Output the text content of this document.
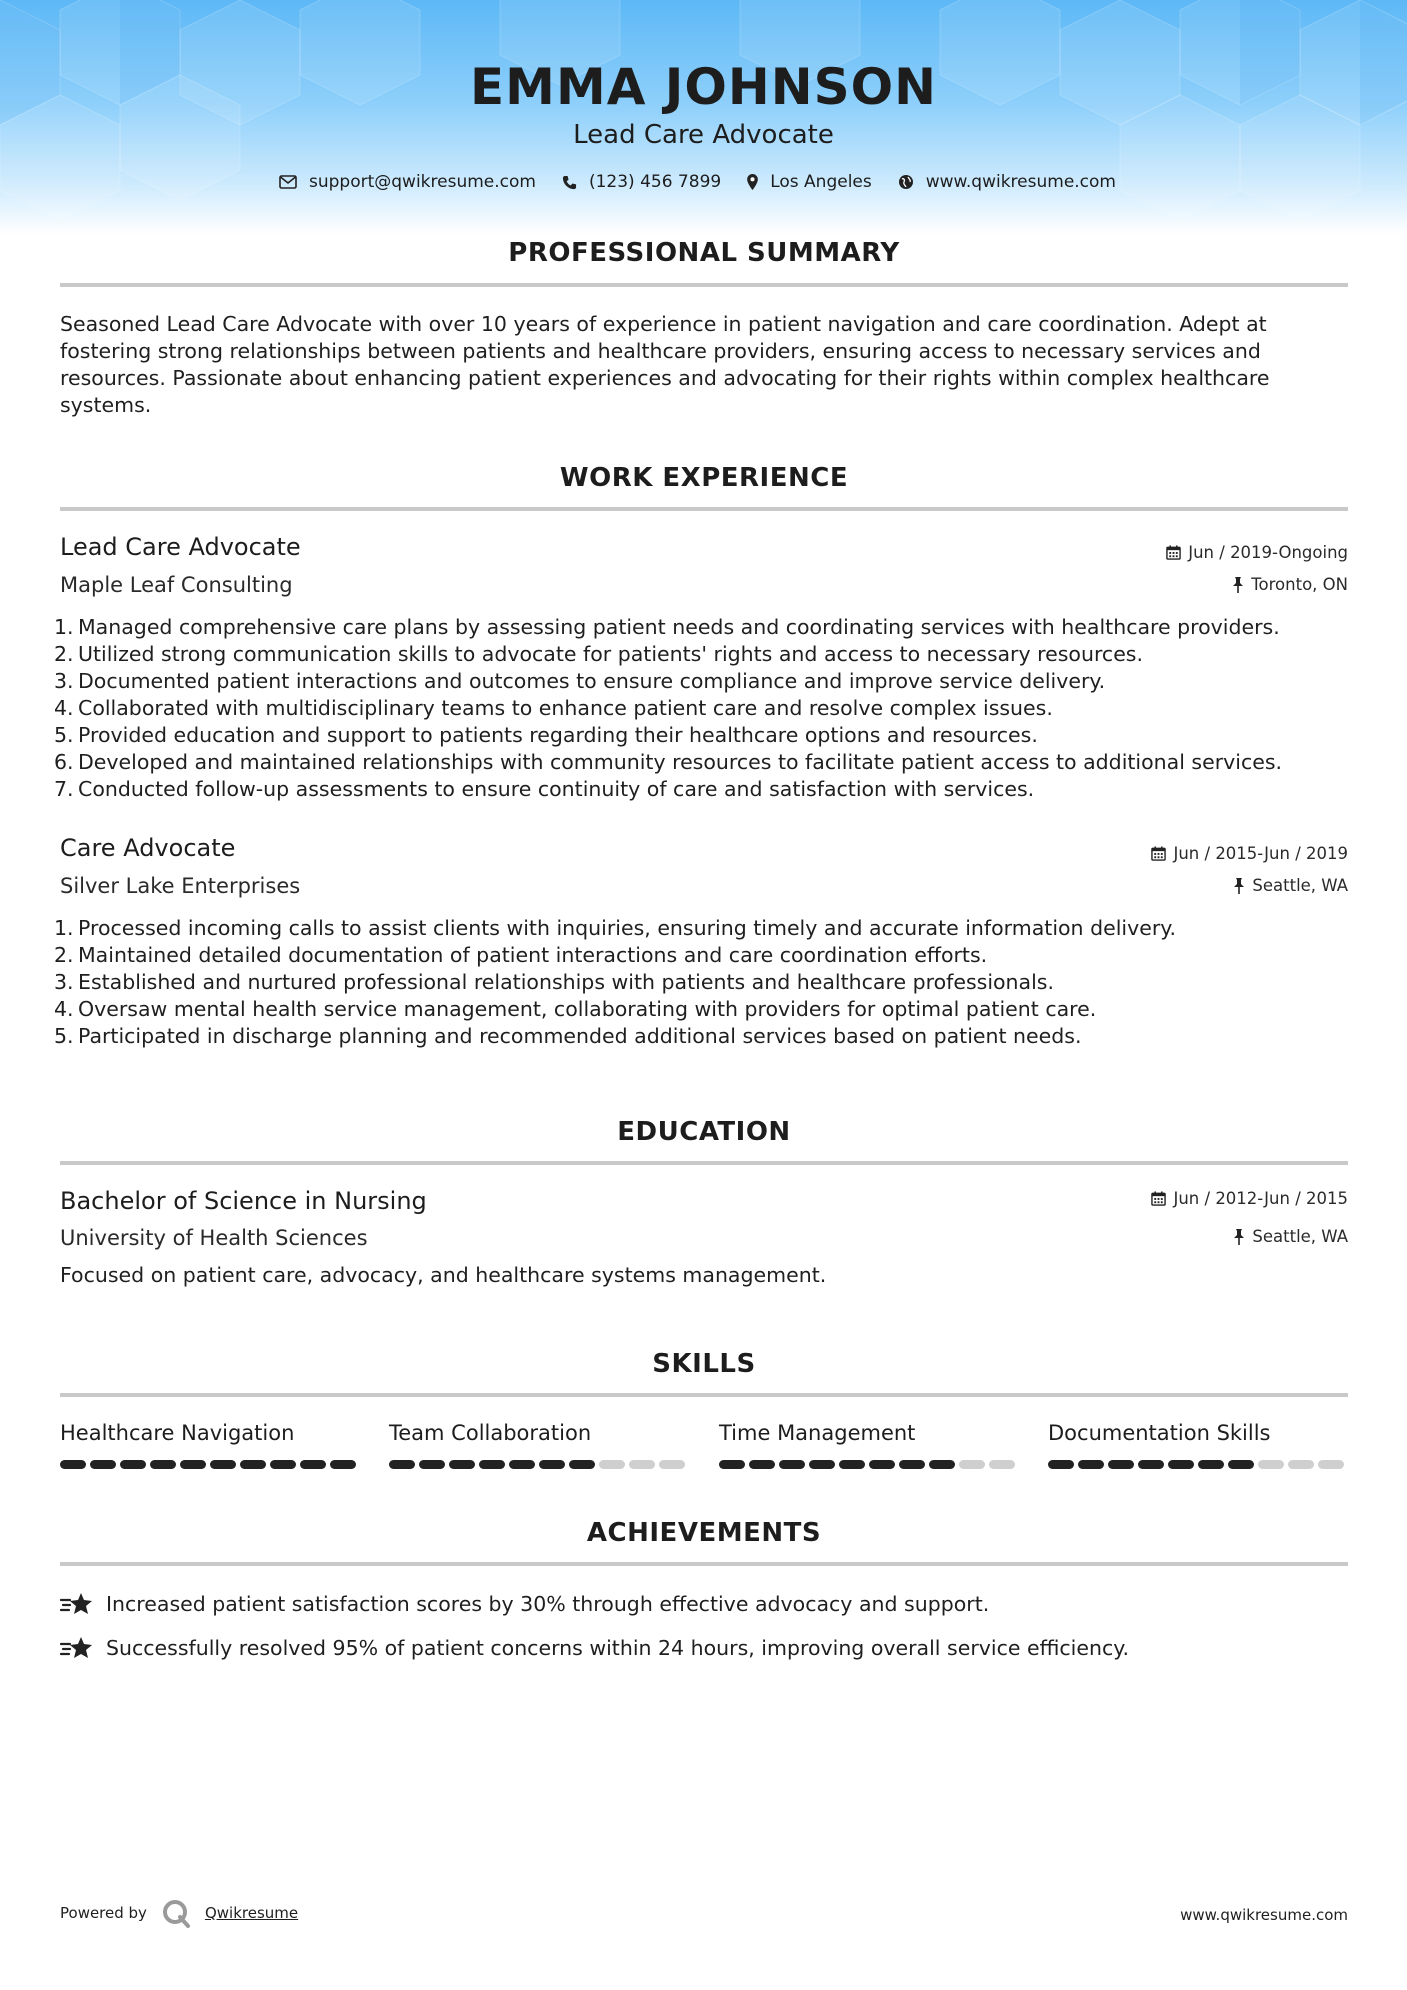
EMMA JOHNSON
Lead Care Advocate
support@qwikresume.com	(123) 456 7899	Los Angeles	www.qwikresume.com
PROFESSIONAL SUMMARY
Seasoned Lead Care Advocate with over 10 years of experience in patient navigation and care coordination. Adept at fostering strong relationships between patients and healthcare providers, ensuring access to necessary services and resources. Passionate about enhancing patient experiences and advocating for their rights within complex healthcare systems.
WORK EXPERIENCE
Lead Care Advocate	Jun / 2019-Ongoing
Maple Leaf Consulting	Toronto, ON
1. Managed comprehensive care plans by assessing patient needs and coordinating services with healthcare providers.
2. Utilized strong communication skills to advocate for patients' rights and access to necessary resources.
3. Documented patient interactions and outcomes to ensure compliance and improve service delivery.
4. Collaborated with multidisciplinary teams to enhance patient care and resolve complex issues.
5. Provided education and support to patients regarding their healthcare options and resources.
6. Developed and maintained relationships with community resources to facilitate patient access to additional services.
7. Conducted follow-up assessments to ensure continuity of care and satisfaction with services.
Care Advocate	Jun / 2015-Jun / 2019
Silver Lake Enterprises	Seattle, WA
1. Processed incoming calls to assist clients with inquiries, ensuring timely and accurate information delivery.
2. Maintained detailed documentation of patient interactions and care coordination efforts.
3. Established and nurtured professional relationships with patients and healthcare professionals.
4. Oversaw mental health service management, collaborating with providers for optimal patient care.
5. Participated in discharge planning and recommended additional services based on patient needs.
EDUCATION
Bachelor of Science in Nursing	Jun / 2012-Jun / 2015
University of Health Sciences	Seattle, WA
Focused on patient care, advocacy, and healthcare systems management.
SKILLS
Healthcare Navigation	Team Collaboration	Time Management	Documentation Skills
ACHIEVEMENTS
Increased patient satisfaction scores by 30% through effective advocacy and support.
Successfully resolved 95% of patient concerns within 24 hours, improving overall service efficiency.
Powered by	Qwikresume	www.qwikresume.com
